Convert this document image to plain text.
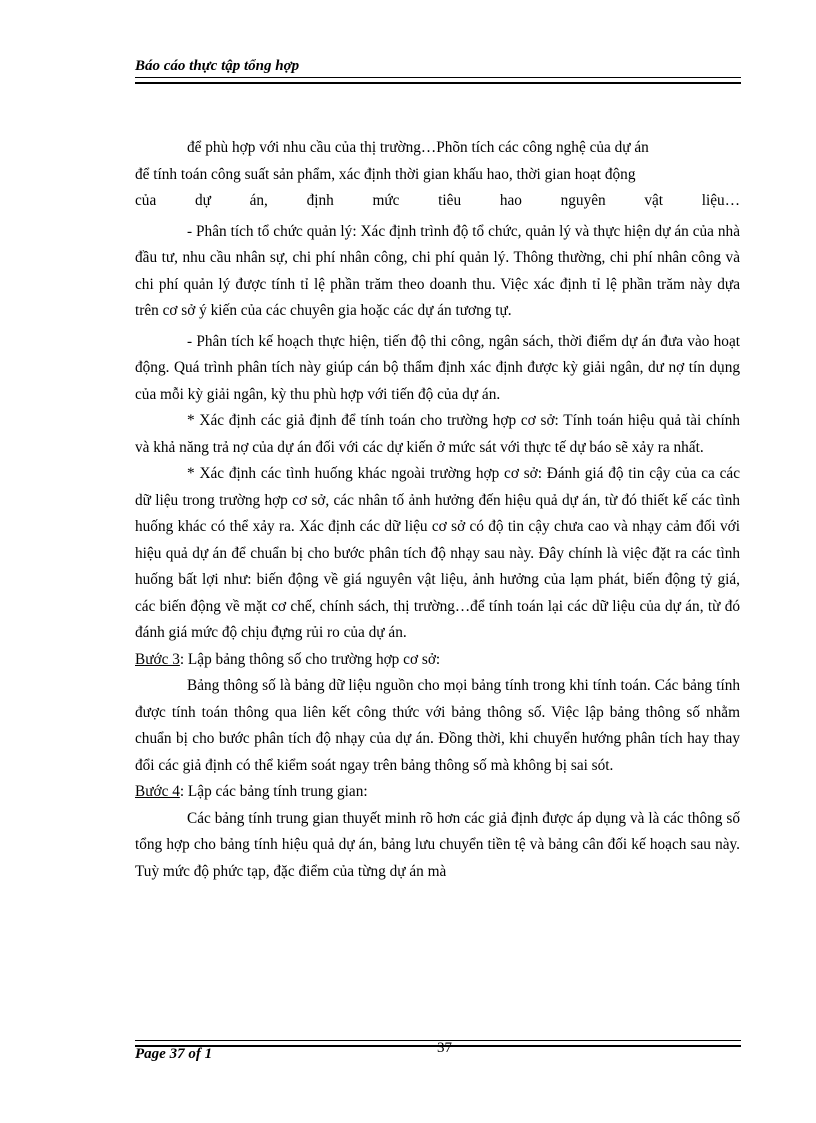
Báo cáo thực tập tổng hợp

để phù hợp với nhu cầu của thị trường…Phõn tích các công nghệ của dự án

để tính toán công suất sản phẩm, xác định thời gian khấu hao, thời gian hoạt động

của dự án, định mức tiêu hao nguyên vật liệu…

- Phân tích tổ chức quản lý: Xác định trình độ tổ chức, quản lý và thực hiện dự án của nhà đầu tư, nhu cầu nhân sự, chi phí nhân công, chi phí quản lý. Thông thường, chi phí nhân công và chi phí quản lý được tính tỉ lệ phần trăm theo doanh thu. Việc xác định tỉ lệ phần trăm này dựa trên cơ sở ý kiến của các chuyên gia hoặc các dự án tương tự.

- Phân tích kế hoạch thực hiện, tiến độ thi công, ngân sách, thời điểm dự án đưa vào hoạt động. Quá trình phân tích này giúp cán bộ thẩm định xác định được kỳ giải ngân, dư nợ tín dụng của mỗi kỳ giải ngân, kỳ thu phù hợp với tiến độ của dự án.

* Xác định các giả định để tính toán cho trường hợp cơ sở: Tính toán hiệu quả tài chính và khả năng trả nợ của dự án đối với các dự kiến ở mức sát với thực tế dự báo sẽ xảy ra nhất.

* Xác định các tình huống khác ngoài trường hợp cơ sở: Đánh giá độ tin cậy của ca các dữ liệu trong trường hợp cơ sở, các nhân tố ảnh hưởng đến hiệu quả dự án, từ đó thiết kế các tình huống khác có thể xảy ra. Xác định các dữ liệu cơ sở có độ tin cậy chưa cao và nhạy cảm đối với hiệu quả dự án để chuẩn bị cho bước phân tích độ nhạy sau này. Đây chính là việc đặt ra các tình huống bất lợi như: biến động về giá nguyên vật liệu, ảnh hưởng của lạm phát, biến động tỷ giá, các biến động về mặt cơ chế, chính sách, thị trường…để tính toán lại các dữ liệu của dự án, từ đó đánh giá mức độ chịu đựng rủi ro của dự án.

Bước 3: Lập bảng thông số cho trường hợp cơ sở:

Bảng thông số là bảng dữ liệu nguồn cho mọi bảng tính trong khi tính toán. Các bảng tính được tính toán thông qua liên kết công thức với bảng thông số. Việc lập bảng thông số nhằm chuẩn bị cho bước phân tích độ nhạy của dự án. Đồng thời, khi chuyển hướng phân tích hay thay đổi các giả định có thể kiểm soát ngay trên bảng thông số mà không bị sai sót.

Bước 4: Lập các bảng tính trung gian:

Các bảng tính trung gian thuyết minh rõ hơn các giả định được áp dụng và là các thông số tổng hợp cho bảng tính hiệu quả dự án, bảng lưu chuyển tiền tệ và bảng cân đối kế hoạch sau này. Tuỳ mức độ phức tạp, đặc điểm của từng dự án mà

Page 37 of 1	37
